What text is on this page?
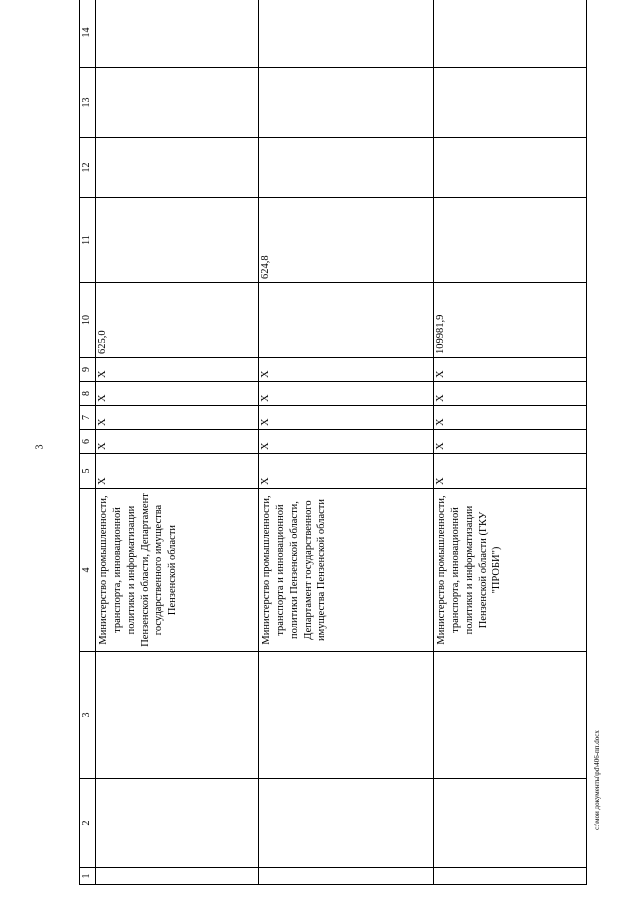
3
c:\мои документы\pd\406-пп.docx
1	2	3	4	5	6	7	8	9	10	11	12	13	14
			Министерство промышленности, транспорта, инновационной политики и информатизации Пензенской области, Департамент государственного имущества Пензенской области	X	X	X	X	X	625,0				
			Министерство промышленности, транспорта и инновационной политики Пензенской области, Департамент государственного имущества Пензенской области	X	X	X	X	X		624,8			
			Министерство промышленности, транспорта, инновационной политики и информатизации Пензенской области (ГКУ "ПРОБИ")	X	X	X	X	X	109981,9				
